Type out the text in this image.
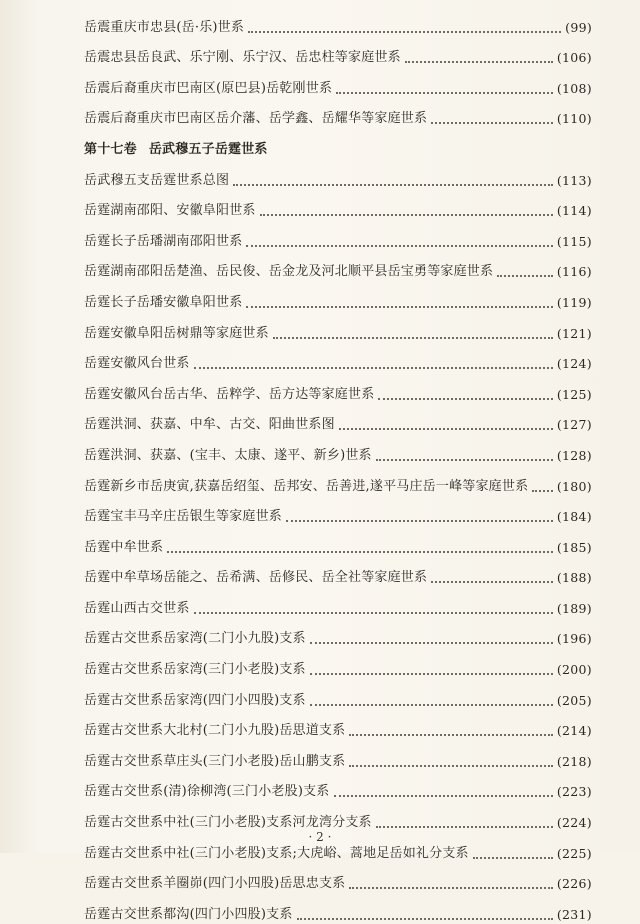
岳震重庆市忠县(岳·乐)世系	(99)
岳震忠县岳良武、乐宁刚、乐宁汉、岳忠柱等家庭世系	(106)
岳震后裔重庆市巴南区(原巴县)岳乾刚世系	(108)
岳震后裔重庆市巴南区岳介藩、岳学鑫、岳耀华等家庭世系	(110)
第十七卷 岳武穆五子岳霆世系
岳武穆五支岳霆世系总图	(113)
岳霆湖南邵阳、安徽阜阳世系	(114)
岳霆长子岳璠湖南邵阳世系	(115)
岳霆湖南邵阳岳楚渔、岳民俊、岳金龙及河北顺平县岳宝勇等家庭世系	(116)
岳霆长子岳璠安徽阜阳世系	(119)
岳霆安徽阜阳岳树鼎等家庭世系	(121)
岳霆安徽风台世系	(124)
岳霆安徽风台岳古华、岳粹学、岳方达等家庭世系	(125)
岳霆洪洞、获嘉、中牟、古交、阳曲世系图	(127)
岳霆洪洞、获嘉、(宝丰、太康、遂平、新乡)世系	(128)
岳霆新乡市岳庚寅,获嘉岳绍玺、岳邦安、岳善进,遂平马庄岳一峰等家庭世系 (180)
岳霆宝丰马辛庄岳银生等家庭世系	(184)
岳霆中牟世系	(185)
岳霆中牟草场岳能之、岳希满、岳修民、岳全社等家庭世系	(188)
岳霆山西古交世系	(189)
岳霆古交世系岳家湾(二门小九股)支系	(196)
岳霆古交世系岳家湾(三门小老股)支系	(200)
岳霆古交世系岳家湾(四门小四股)支系	(205)
岳霆古交世系大北村(二门小九股)岳思道支系	(214)
岳霆古交世系草庄头(三门小老股)岳山鹏支系	(218)
岳霆古交世系(清)徐柳湾(三门小老股)支系	(223)
岳霆古交世系中社(三门小老股)支系河龙湾分支系	(224)
岳霆古交世系中社(三门小老股)支系;大虎峪、蒿地足岳如礼分支系	(225)
岳霆古交世系羊圈峁(四门小四股)岳思忠支系	(226)
岳霆古交世系都沟(四门小四股)支系	(231)
· 2 ·
